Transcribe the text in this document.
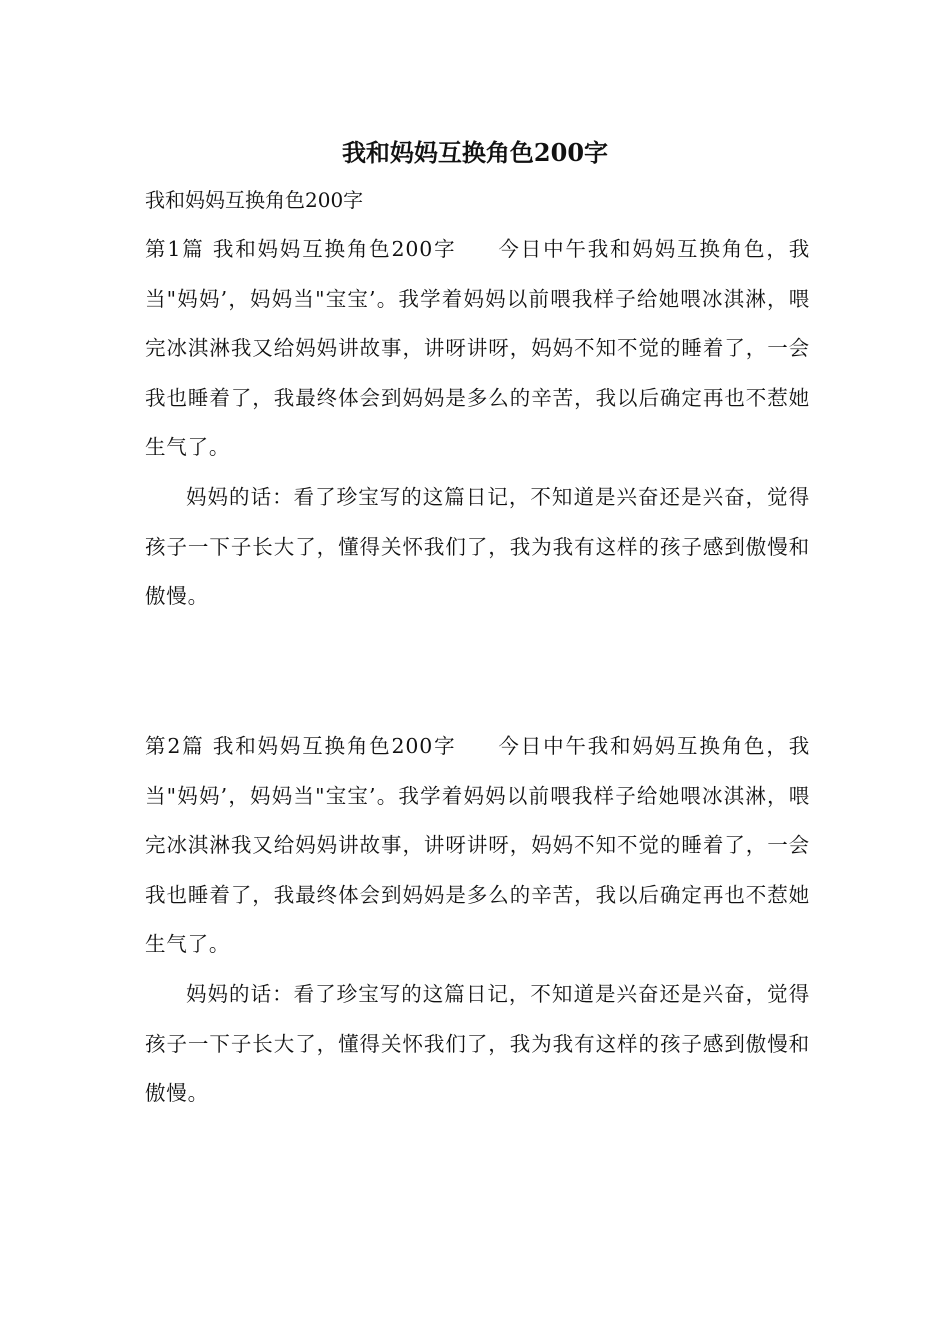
我和妈妈互换角色200字

我和妈妈互换角色200字

第1篇 我和妈妈互换角色200字 今日中午我和妈妈互换角色，我当"妈妈’，妈妈当"宝宝’。我学着妈妈以前喂我样子给她喂冰淇淋，喂完冰淇淋我又给妈妈讲故事，讲呀讲呀，妈妈不知不觉的睡着了，一会我也睡着了，我最终体会到妈妈是多么的辛苦，我以后确定再也不惹她生气了。

妈妈的话：看了珍宝写的这篇日记，不知道是兴奋还是兴奋，觉得孩子一下子长大了，懂得关怀我们了，我为我有这样的孩子感到傲慢和傲慢。

第2篇 我和妈妈互换角色200字 今日中午我和妈妈互换角色，我当"妈妈’，妈妈当"宝宝’。我学着妈妈以前喂我样子给她喂冰淇淋，喂完冰淇淋我又给妈妈讲故事，讲呀讲呀，妈妈不知不觉的睡着了，一会我也睡着了，我最终体会到妈妈是多么的辛苦，我以后确定再也不惹她生气了。

妈妈的话：看了珍宝写的这篇日记，不知道是兴奋还是兴奋，觉得孩子一下子长大了，懂得关怀我们了，我为我有这样的孩子感到傲慢和傲慢。
